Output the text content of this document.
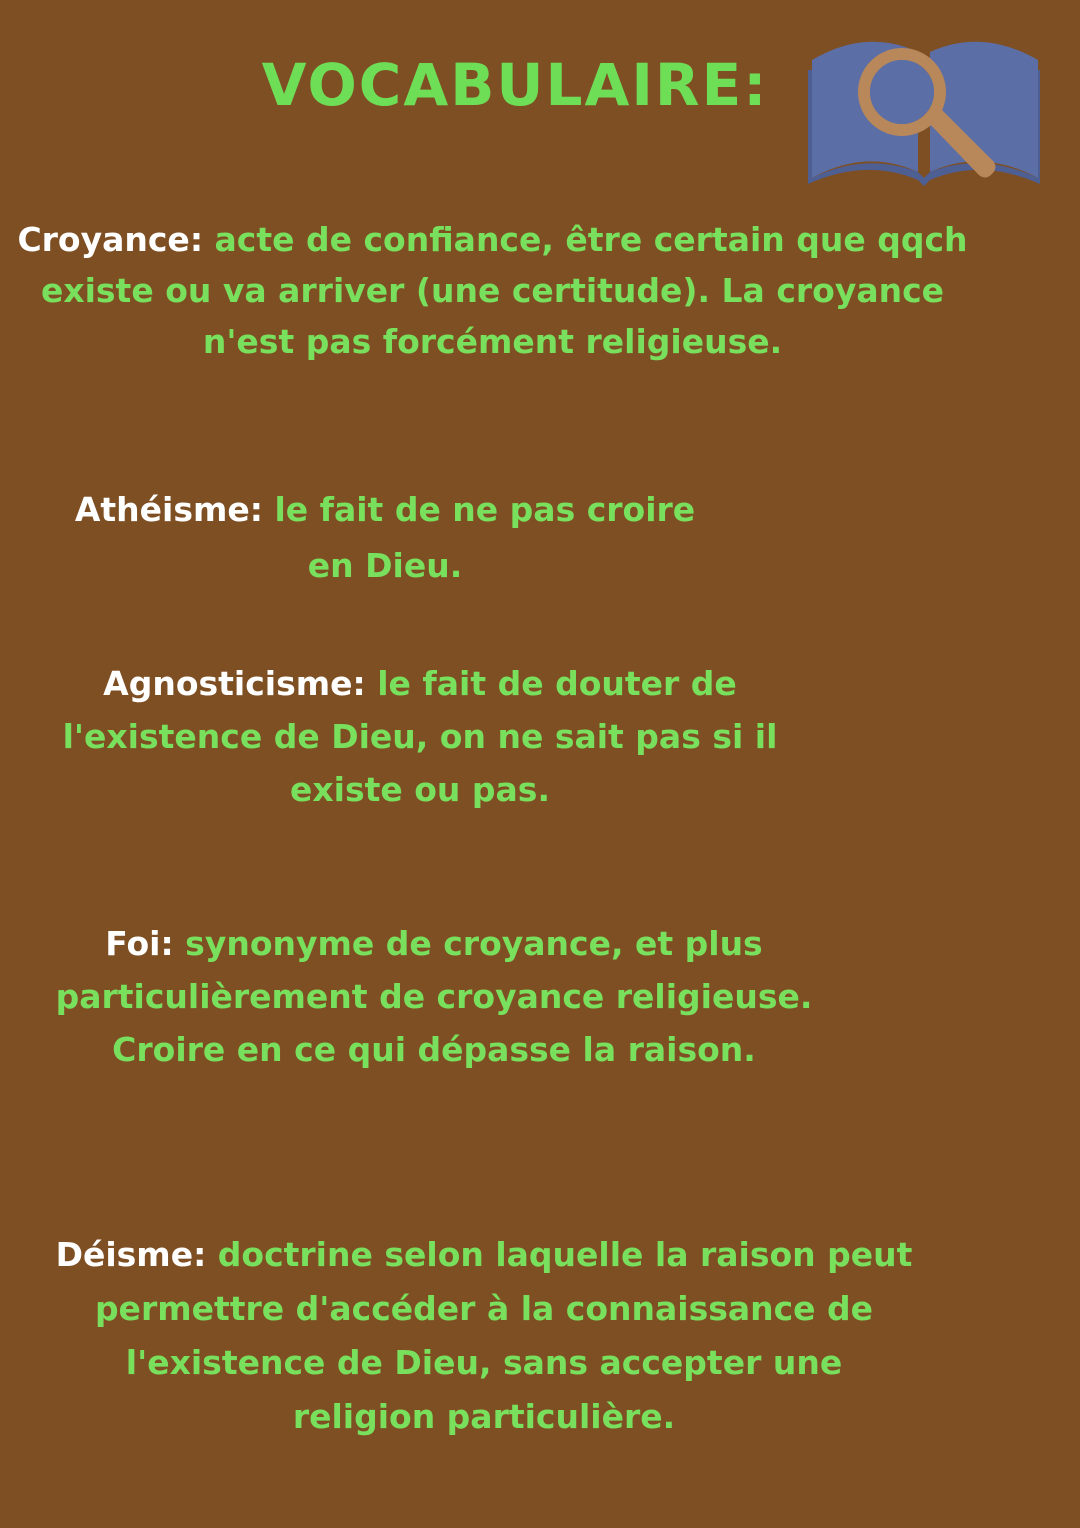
VOCABULAIRE:

Croyance: acte de confiance, être certain que qqch
existe ou va arriver (une certitude). La croyance
n'est pas forcément religieuse.

Athéisme: le fait de ne pas croire
en Dieu.

Agnosticisme: le fait de douter de
l'existence de Dieu, on ne sait pas si il
existe ou pas.

Foi: synonyme de croyance, et plus
particulièrement de croyance religieuse.
Croire en ce qui dépasse la raison.

Déisme: doctrine selon laquelle la raison peut
permettre d'accéder à la connaissance de
l'existence de Dieu, sans accepter une
religion particulière.
